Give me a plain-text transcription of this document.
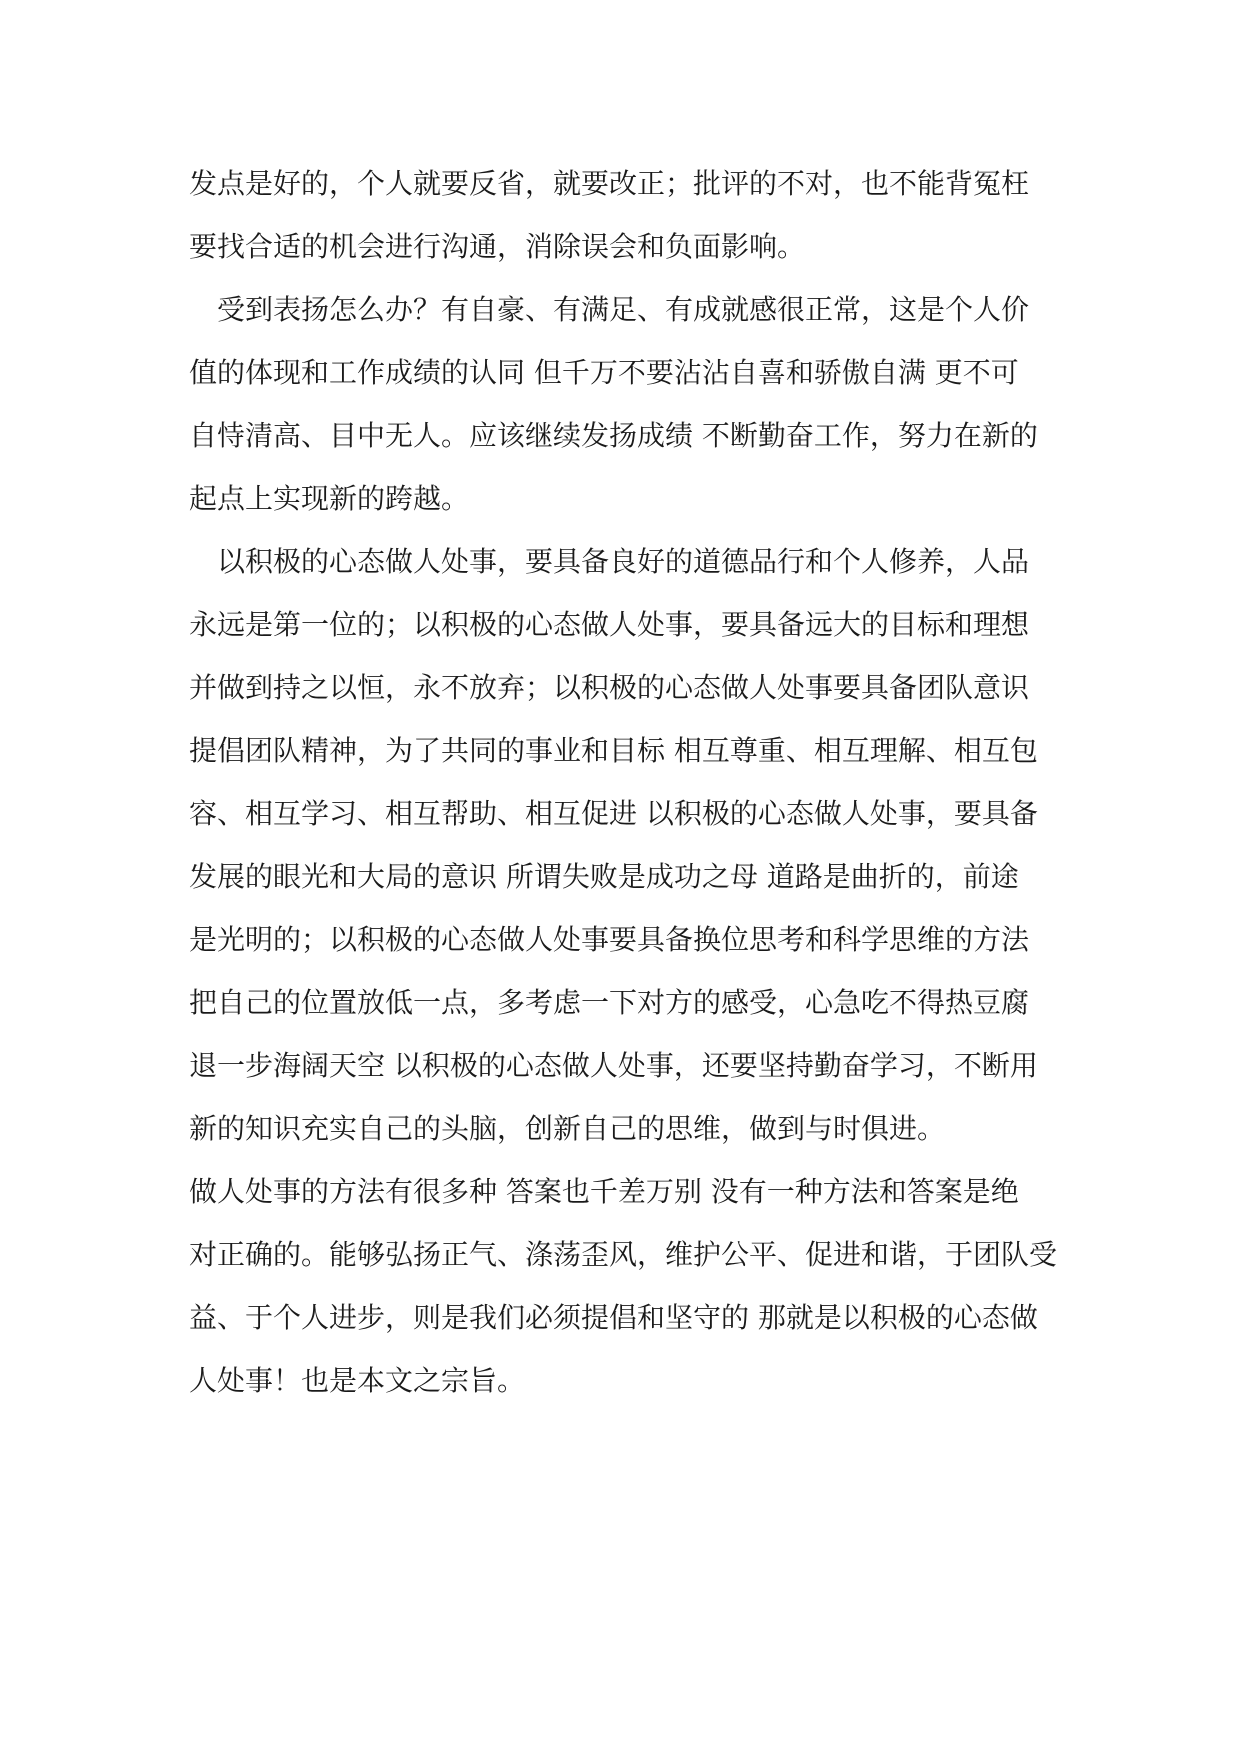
发点是好的，个人就要反省，就要改正；批评的不对，也不能背冤枉
要找合适的机会进行沟通，消除误会和负面影响。
　受到表扬怎么办？有自豪、有满足、有成就感很正常，这是个人价
值的体现和工作成绩的认同 但千万不要沾沾自喜和骄傲自满 更不可
自恃清高、目中无人。应该继续发扬成绩 不断勤奋工作，努力在新的
起点上实现新的跨越。
　以积极的心态做人处事，要具备良好的道德品行和个人修养，人品
永远是第一位的；以积极的心态做人处事，要具备远大的目标和理想
并做到持之以恒，永不放弃；以积极的心态做人处事要具备团队意识
提倡团队精神，为了共同的事业和目标 相互尊重、相互理解、相互包
容、相互学习、相互帮助、相互促进 以积极的心态做人处事，要具备
发展的眼光和大局的意识 所谓失败是成功之母 道路是曲折的，前途
是光明的；以积极的心态做人处事要具备换位思考和科学思维的方法
把自己的位置放低一点，多考虑一下对方的感受，心急吃不得热豆腐
退一步海阔天空 以积极的心态做人处事，还要坚持勤奋学习，不断用
新的知识充实自己的头脑，创新自己的思维，做到与时俱进。
做人处事的方法有很多种 答案也千差万别 没有一种方法和答案是绝
对正确的。能够弘扬正气、涤荡歪风，维护公平、促进和谐，于团队受
益、于个人进步，则是我们必须提倡和坚守的 那就是以积极的心态做
人处事！也是本文之宗旨。
